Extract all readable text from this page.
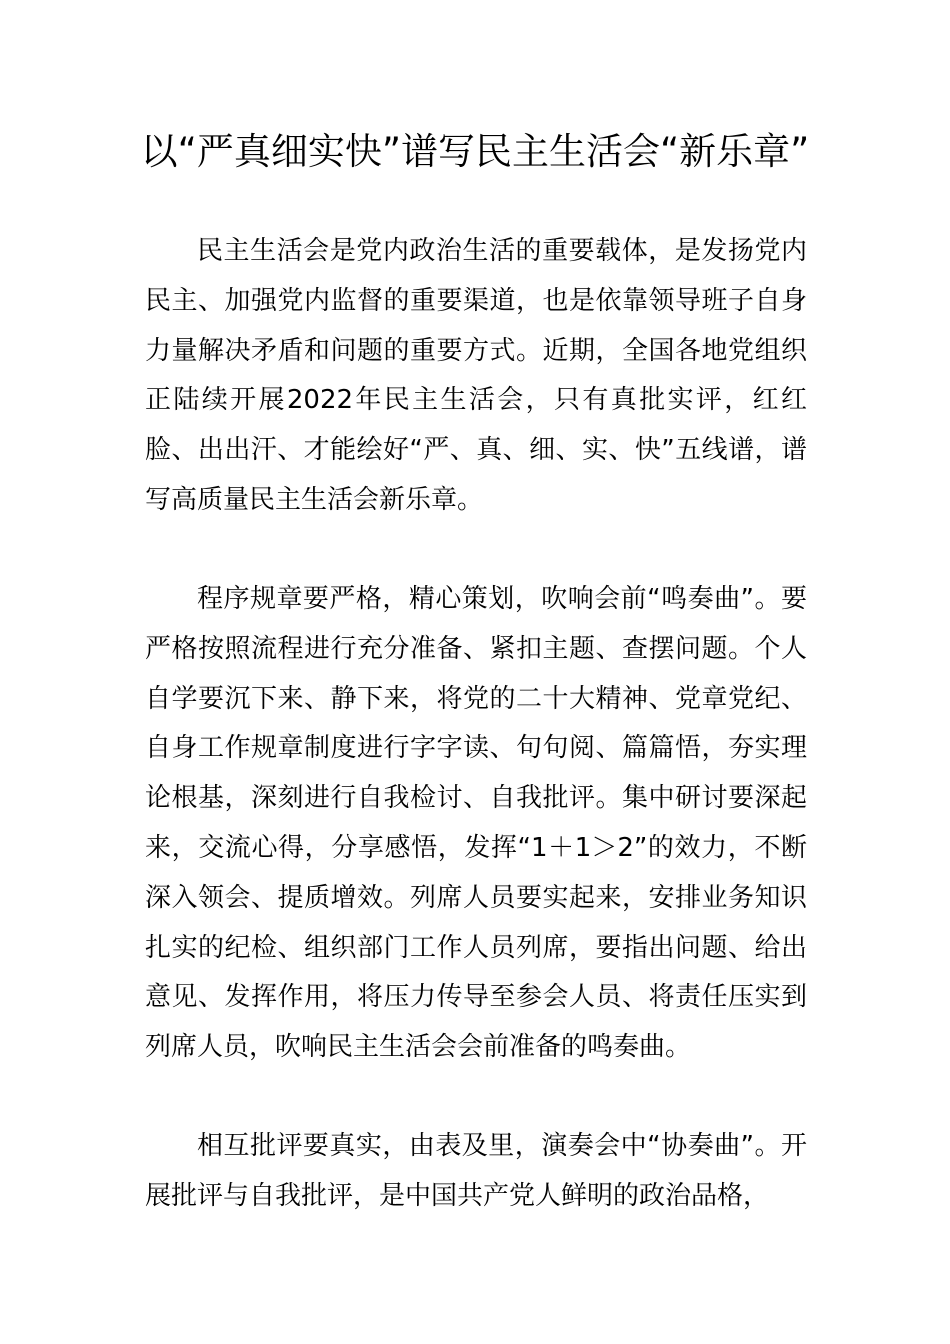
以“严真细实快”谱写民主生活会“新乐章”

民主生活会是党内政治生活的重要载体，是发扬党内民主、加强党内监督的重要渠道，也是依靠领导班子自身力量解决矛盾和问题的重要方式。近期，全国各地党组织正陆续开展2022年民主生活会，只有真批实评，红红脸、出出汗、才能绘好“严、真、细、实、快”五线谱，谱写高质量民主生活会新乐章。

程序规章要严格，精心策划，吹响会前“鸣奏曲”。要严格按照流程进行充分准备、紧扣主题、查摆问题。个人自学要沉下来、静下来，将党的二十大精神、党章党纪、自身工作规章制度进行字字读、句句阅、篇篇悟，夯实理论根基，深刻进行自我检讨、自我批评。集中研讨要深起来，交流心得，分享感悟，发挥“1＋1＞2”的效力，不断深入领会、提质增效。列席人员要实起来，安排业务知识扎实的纪检、组织部门工作人员列席，要指出问题、给出意见、发挥作用，将压力传导至参会人员、将责任压实到列席人员，吹响民主生活会会前准备的鸣奏曲。

相互批评要真实，由表及里，演奏会中“协奏曲”。开展批评与自我批评，是中国共产党人鲜明的政治品格，
